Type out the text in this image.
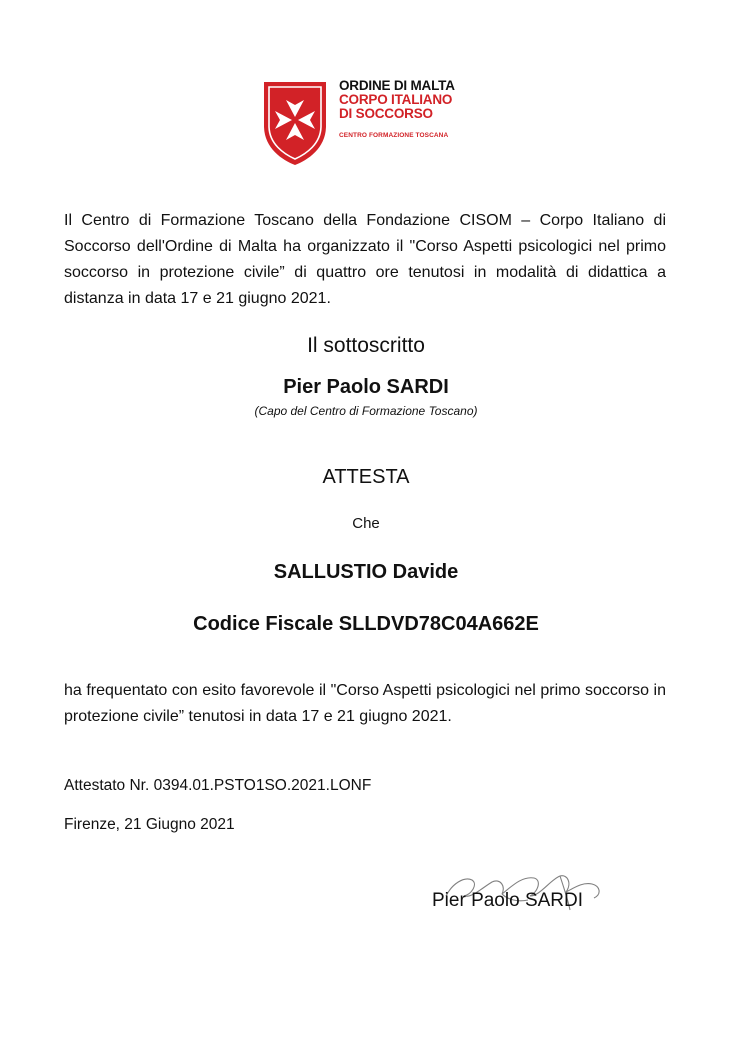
ORDINE DI MALTA
CORPO ITALIANO
DI SOCCORSO
CENTRO FORMAZIONE TOSCANA
Il Centro di Formazione Toscano della Fondazione CISOM – Corpo Italiano di Soccorso dell'Ordine di Malta ha organizzato il "Corso Aspetti psicologici nel primo soccorso in protezione civile” di quattro ore tenutosi in modalità di didattica a distanza in data 17 e 21 giugno 2021.
Il sottoscritto
Pier Paolo SARDI
(Capo del Centro di Formazione Toscano)
ATTESTA
Che
SALLUSTIO Davide
Codice Fiscale SLLDVD78C04A662E
ha frequentato con esito favorevole il "Corso Aspetti psicologici nel primo soccorso in protezione civile” tenutosi in data 17 e 21 giugno 2021.
Attestato Nr. 0394.01.PSTO1SO.2021.LONF
Firenze, 21 Giugno 2021
Pier Paolo SARDI
